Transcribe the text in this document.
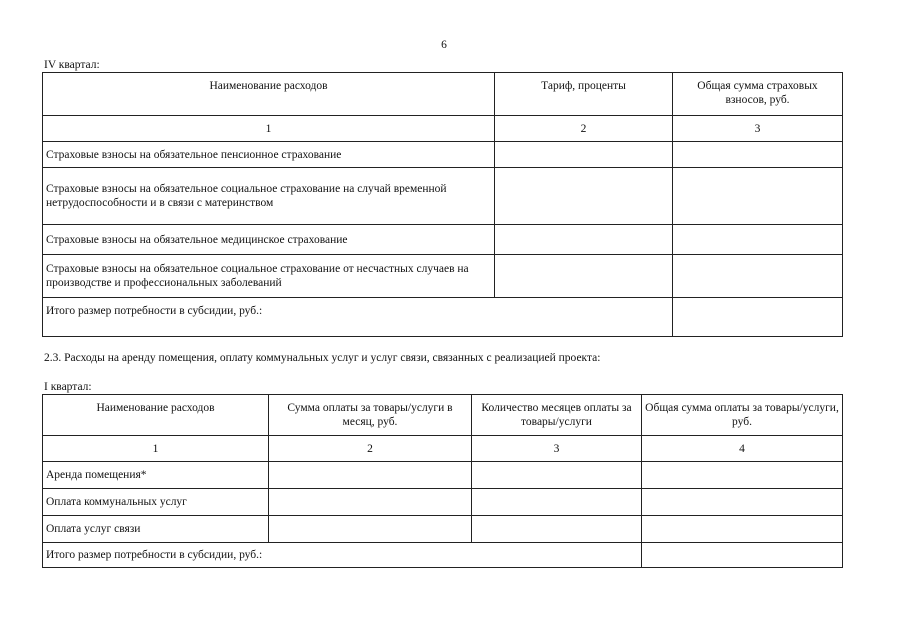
6
IV квартал:
Наименование расходов	Тариф, проценты	Общая сумма страховых взносов, руб.
1	2	3
Страховые взносы на обязательное пенсионное страхование		
Страховые взносы на обязательное социальное страхование на случай временной нетрудоспособности и в связи с материнством		
Страховые взносы на обязательное медицинское страхование		
Страховые взносы на обязательное социальное страхование от несчастных случаев на производстве и профессиональных заболеваний		
Итого размер потребности в субсидии, руб.:		
2.3. Расходы на аренду помещения, оплату коммунальных услуг и услуг связи, связанных с реализацией проекта:
I квартал:
Наименование расходов	Сумма оплаты за товары/услуги в месяц, руб.	Количество месяцев оплаты за товары/услуги	Общая сумма оплаты за товары/услуги, руб.
1	2	3	4
Аренда помещения*			
Оплата коммунальных услуг			
Оплата услуг связи			
Итого размер потребности в субсидии, руб.:			
